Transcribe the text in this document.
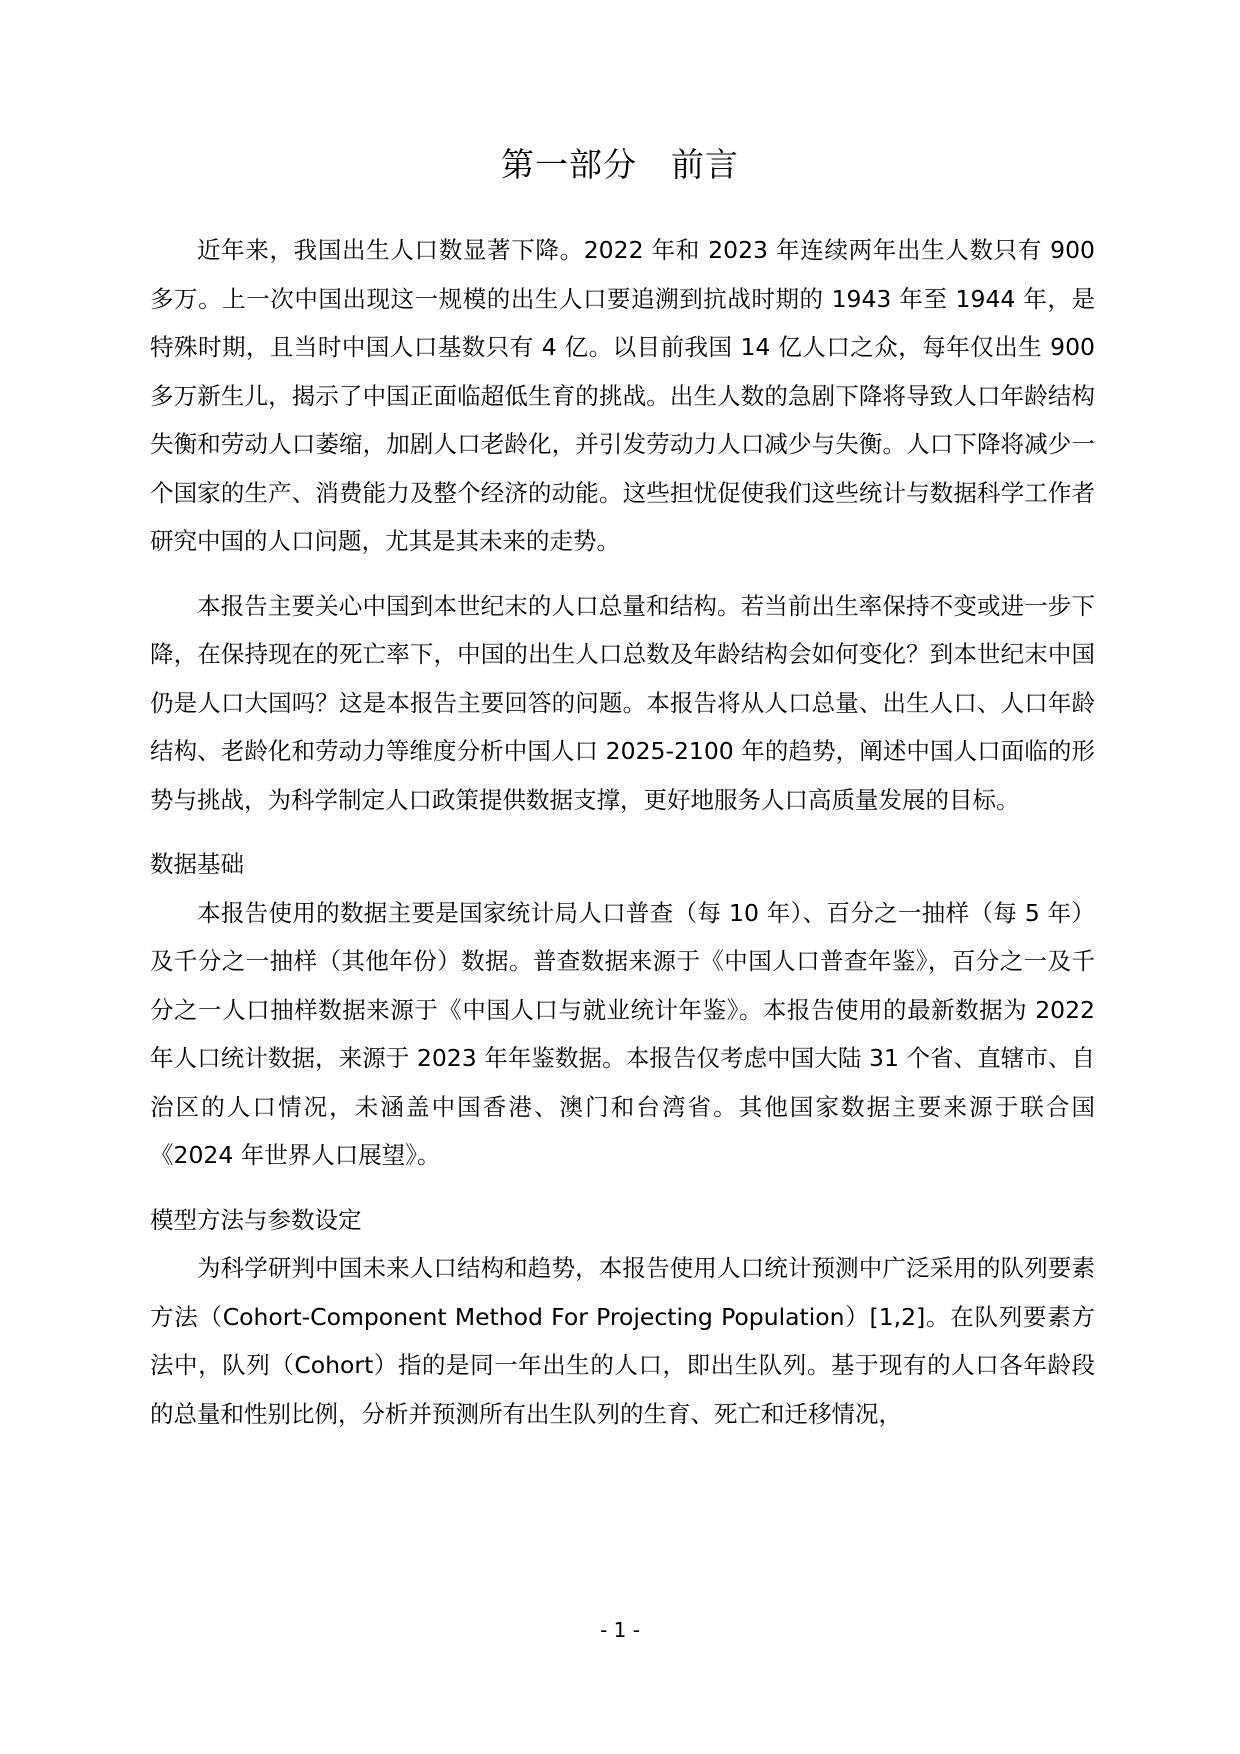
第一部分　前言

近年来，我国出生人口数显著下降。2022 年和 2023 年连续两年出生人数只有 900 多万。上一次中国出现这一规模的出生人口要追溯到抗战时期的 1943 年至 1944 年，是特殊时期，且当时中国人口基数只有 4 亿。以目前我国 14 亿人口之众，每年仅出生 900 多万新生儿，揭示了中国正面临超低生育的挑战。出生人数的急剧下降将导致人口年龄结构失衡和劳动人口萎缩，加剧人口老龄化，并引发劳动力人口减少与失衡。人口下降将减少一个国家的生产、消费能力及整个经济的动能。这些担忧促使我们这些统计与数据科学工作者研究中国的人口问题，尤其是其未来的走势。

本报告主要关心中国到本世纪末的人口总量和结构。若当前出生率保持不变或进一步下降，在保持现在的死亡率下，中国的出生人口总数及年龄结构会如何变化？到本世纪末中国仍是人口大国吗？这是本报告主要回答的问题。本报告将从人口总量、出生人口、人口年龄结构、老龄化和劳动力等维度分析中国人口 2025-2100 年的趋势，阐述中国人口面临的形势与挑战，为科学制定人口政策提供数据支撑，更好地服务人口高质量发展的目标。

数据基础

本报告使用的数据主要是国家统计局人口普查（每 10 年）、百分之一抽样（每 5 年）及千分之一抽样（其他年份）数据。普查数据来源于《中国人口普查年鉴》，百分之一及千分之一人口抽样数据来源于《中国人口与就业统计年鉴》。本报告使用的最新数据为 2022 年人口统计数据，来源于 2023 年年鉴数据。本报告仅考虑中国大陆 31 个省、直辖市、自治区的人口情况，未涵盖中国香港、澳门和台湾省。其他国家数据主要来源于联合国《2024 年世界人口展望》。

模型方法与参数设定

为科学研判中国未来人口结构和趋势，本报告使用人口统计预测中广泛采用的队列要素方法（Cohort-Component Method For Projecting Population）[1,2]。在队列要素方法中，队列（Cohort）指的是同一年出生的人口，即出生队列。基于现有的人口各年龄段的总量和性别比例，分析并预测所有出生队列的生育、死亡和迁移情况，

- 1 -
